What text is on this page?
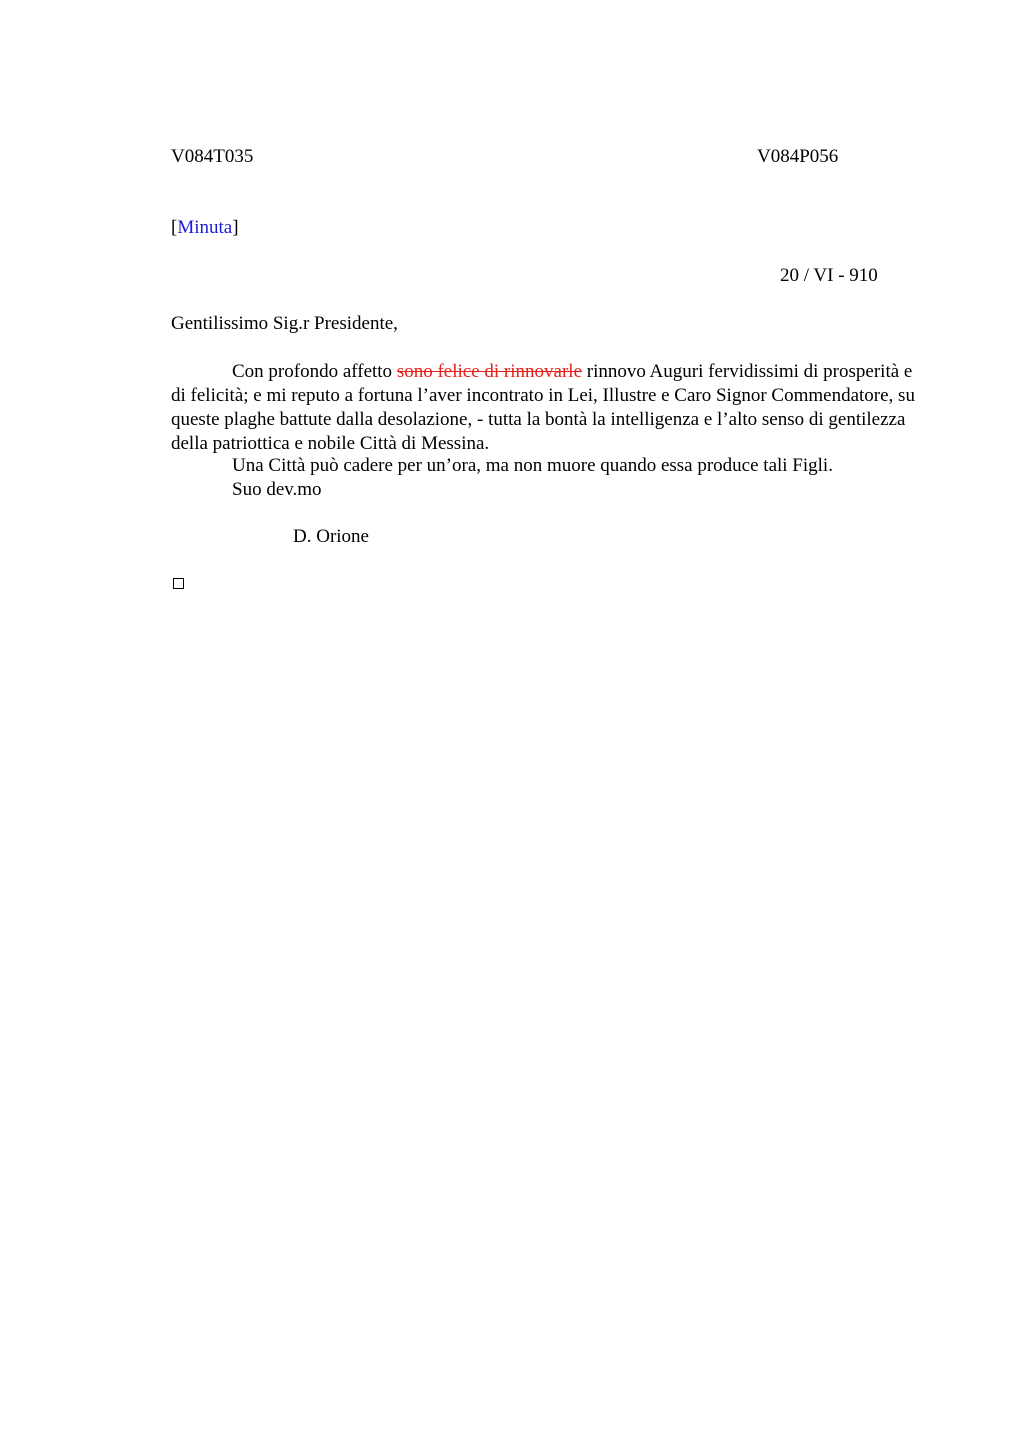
V084T035	V084P056
[Minuta]
20 / VI - 910
Gentilissimo Sig.r Presidente,
Con profondo affetto sono felice di rinnovarle rinnovo Auguri fervidissimi di prosperità e di felicità; e mi reputo a fortuna l’aver incontrato in Lei, Illustre e Caro Signor Commendatore, su queste plaghe battute dalla desolazione, - tutta la bontà la intelligenza e l’alto senso di gentilezza della patriottica e nobile Città di Messina.
Una Città può cadere per un’ora, ma non muore quando essa produce tali Figli.
Suo dev.mo
D. Orione
